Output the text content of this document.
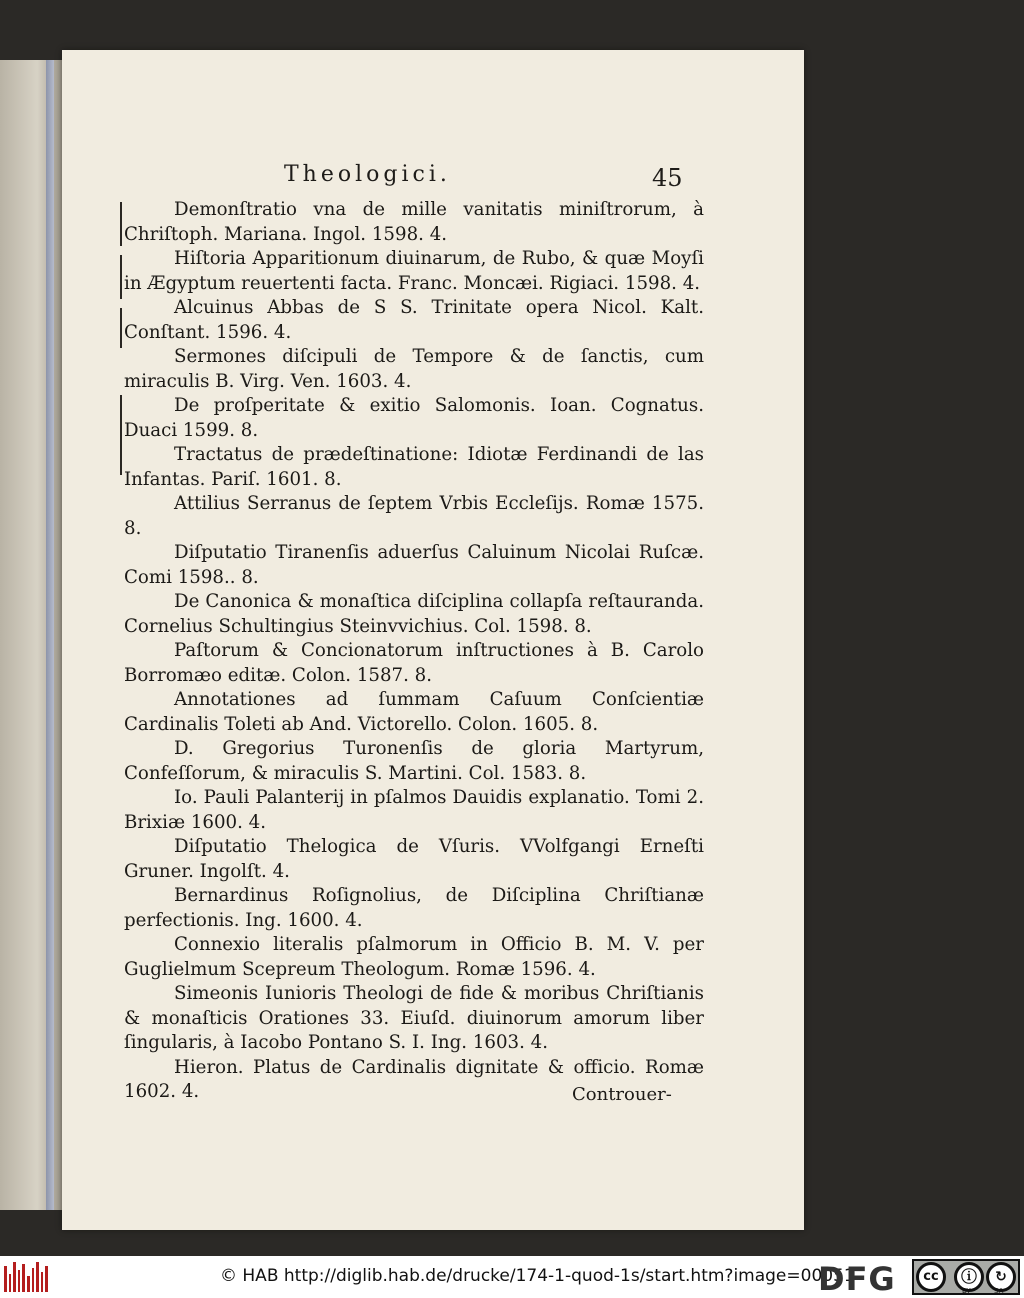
Theologici.	45

Demonſtratio vna de mille vanitatis miniſtrorum, à Chriſtoph. Mariana. Ingol. 1598. 4.

Hiſtoria Apparitionum diuinarum, de Rubo, & quæ Moyſi in Ægyptum reuertenti facta. Franc. Moncæi. Rigiaci. 1598. 4.

Alcuinus Abbas de S S. Trinitate opera Nicol. Kalt. Conſtant. 1596. 4.

Sermones diſcipuli de Tempore & de ſanctis, cum miraculis B. Virg. Ven. 1603. 4.

De proſperitate & exitio Salomonis. Ioan. Cognatus. Duaci 1599. 8.

Tractatus de prædeſtinatione: Idiotæ Ferdinandi de las Infantas. Pariſ. 1601. 8.

Attilius Serranus de ſeptem Vrbis Eccleſijs. Romæ 1575. 8.

Diſputatio Tiranenſis aduerſus Caluinum Nicolai Ruſcæ. Comi 1598.. 8.

De Canonica & monaſtica diſciplina collapſa reſtauranda. Cornelius Schultingius Steinvvichius. Col. 1598. 8.

Paſtorum & Concionatorum inſtructiones à B. Carolo Borromæo editæ. Colon. 1587. 8.

Annotationes ad ſummam Caſuum Conſcientiæ Cardinalis Toleti ab And. Victorello. Colon. 1605. 8.

D. Gregorius Turonenſis de gloria Martyrum, Confeſſorum, & miraculis S. Martini. Col. 1583. 8.

Io. Pauli Palanterij in pſalmos Dauidis explanatio. Tomi 2. Brixiæ 1600. 4.

Diſputatio Thelogica de Vſuris. VVolfgangi Erneſti Gruner. Ingolſt. 4.

Bernardinus Roſignolius, de Diſciplina Chriſtianæ perfectionis. Ing. 1600. 4.

Connexio literalis pſalmorum in Officio B. M. V. per Guglielmum Scepreum Theologum. Romæ 1596. 4.

Simeonis Iunioris Theologi de fide & moribus Chriſtianis & monaſticis Orationes 33. Eiuſd. diuinorum amorum liber ſingularis, à Iacobo Pontano S. I. Ing. 1603. 4.

Hieron. Platus de Cardinalis dignitate & officio. Romæ 1602. 4.	Controuer-
© HAB http://diglib.hab.de/drucke/174-1-quod-1s/start.htm?image=00051
DFG	cc	ⓘ	↻
BY	SA
